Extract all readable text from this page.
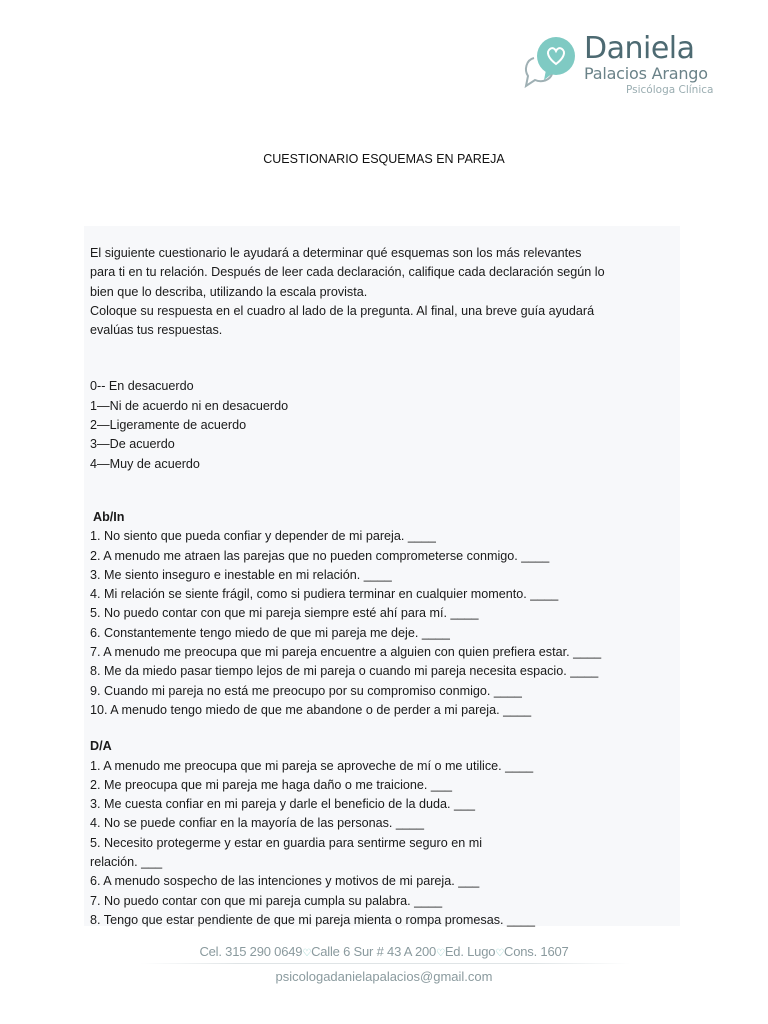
Daniela
Palacios Arango
Psicóloga Clínica
CUESTIONARIO ESQUEMAS EN PAREJA

El siguiente cuestionario le ayudará a determinar qué esquemas son los más relevantes

para ti en tu relación. Después de leer cada declaración, califique cada declaración según lo

bien que lo describa, utilizando la escala provista.

Coloque su respuesta en el cuadro al lado de la pregunta. Al final, una breve guía ayudará

evalúas tus respuestas.

0-- En desacuerdo

1—Ni de acuerdo ni en desacuerdo

2—Ligeramente de acuerdo

3—De acuerdo

4—Muy de acuerdo

Ab/In

1. No siento que pueda confiar y depender de mi pareja. ____

2. A menudo me atraen las parejas que no pueden comprometerse conmigo. ____

3. Me siento inseguro e inestable en mi relación. ____

4. Mi relación se siente frágil, como si pudiera terminar en cualquier momento. ____

5. No puedo contar con que mi pareja siempre esté ahí para mí. ____

6. Constantemente tengo miedo de que mi pareja me deje. ____

7. A menudo me preocupa que mi pareja encuentre a alguien con quien prefiera estar. ____

8. Me da miedo pasar tiempo lejos de mi pareja o cuando mi pareja necesita espacio. ____

9. Cuando mi pareja no está me preocupo por su compromiso conmigo. ____

10. A menudo tengo miedo de que me abandone o de perder a mi pareja. ____

D/A

1. A menudo me preocupa que mi pareja se aproveche de mí o me utilice. ____

2. Me preocupa que mi pareja me haga daño o me traicione. ___

3. Me cuesta confiar en mi pareja y darle el beneficio de la duda. ___

4. No se puede confiar en la mayoría de las personas. ____

5. Necesito protegerme y estar en guardia para sentirme seguro en mi

relación. ___

6. A menudo sospecho de las intenciones y motivos de mi pareja. ___

7. No puedo contar con que mi pareja cumpla su palabra. ____

8. Tengo que estar pendiente de que mi pareja mienta o rompa promesas. ____

Cel. 315 290 0649♡Calle 6 Sur # 43 A 200♡Ed. Lugo♡Cons. 1607
psicologadanielapalacios@gmail.com
